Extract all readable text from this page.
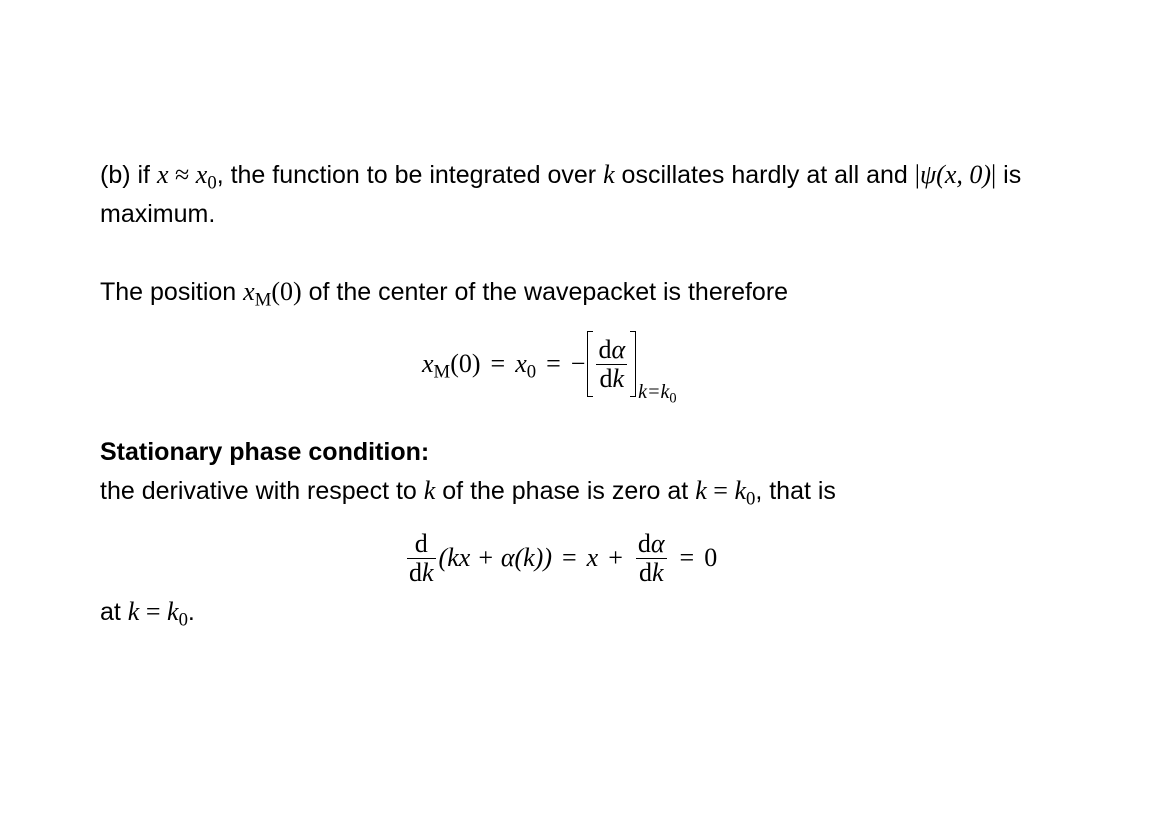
(b) if $x \approx x_0$, the function to be integrated over k oscillates hardly at all and |ψ(x, 0)| is
maximum.
The position $x_M(0)$ of the center of the wavepacket is therefore
$x_M$ $(0) = x_0$ = − $\frac{d\alpha}{dk} k=k_0$
Stationary phase condition:
the derivative with respect to k of the phase is zero at $k = k_0$, that is
$\frac{d}{dk} (kx + \alpha(k)) = x + \frac{d\alpha}{dk} = 0$
at $k = k_0$.
